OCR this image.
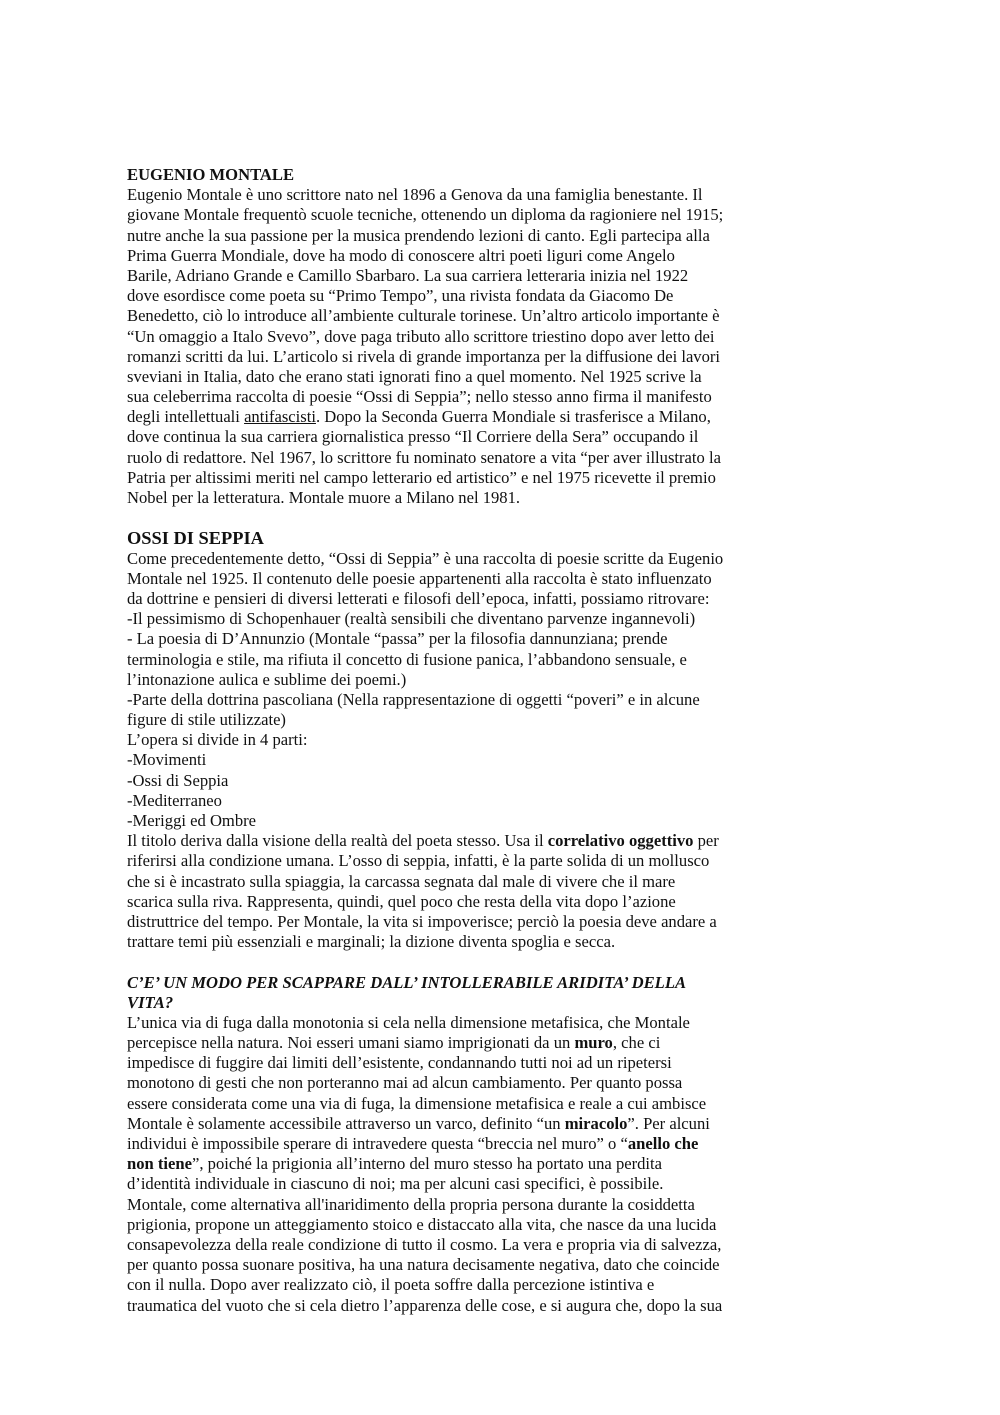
EUGENIO MONTALE
Eugenio Montale è uno scrittore nato nel 1896 a Genova da una famiglia benestante. Il
giovane Montale frequentò scuole tecniche, ottenendo un diploma da ragioniere nel 1915;
nutre anche la sua passione per la musica prendendo lezioni di canto. Egli partecipa alla
Prima Guerra Mondiale, dove ha modo di conoscere altri poeti liguri come Angelo
Barile, Adriano Grande e Camillo Sbarbaro. La sua carriera letteraria inizia nel 1922
dove esordisce come poeta su “Primo Tempo”, una rivista fondata da Giacomo De
Benedetto, ciò lo introduce all’ambiente culturale torinese. Un’altro articolo importante è
“Un omaggio a Italo Svevo”, dove paga tributo allo scrittore triestino dopo aver letto dei
romanzi scritti da lui. L’articolo si rivela di grande importanza per la diffusione dei lavori
sveviani in Italia, dato che erano stati ignorati fino a quel momento. Nel 1925 scrive la
sua celeberrima raccolta di poesie “Ossi di Seppia”; nello stesso anno firma il manifesto
degli intellettuali antifascisti. Dopo la Seconda Guerra Mondiale si trasferisce a Milano,
dove continua la sua carriera giornalistica presso “Il Corriere della Sera” occupando il
ruolo di redattore. Nel 1967, lo scrittore fu nominato senatore a vita “per aver illustrato la
Patria per altissimi meriti nel campo letterario ed artistico” e nel 1975 ricevette il premio
Nobel per la letteratura. Montale muore a Milano nel 1981.
OSSI DI SEPPIA
Come precedentemente detto, “Ossi di Seppia” è una raccolta di poesie scritte da Eugenio
Montale nel 1925. Il contenuto delle poesie appartenenti alla raccolta è stato influenzato
da dottrine e pensieri di diversi letterati e filosofi dell’epoca, infatti, possiamo ritrovare:
-Il pessimismo di Schopenhauer (realtà sensibili che diventano parvenze ingannevoli)
- La poesia di D’Annunzio (Montale “passa” per la filosofia dannunziana; prende
terminologia e stile, ma rifiuta il concetto di fusione panica, l’abbandono sensuale, e
l’intonazione aulica e sublime dei poemi.)
-Parte della dottrina pascoliana (Nella rappresentazione di oggetti “poveri” e in alcune
figure di stile utilizzate)
L’opera si divide in 4 parti:
-Movimenti
-Ossi di Seppia
-Mediterraneo
-Meriggi ed Ombre
Il titolo deriva dalla visione della realtà del poeta stesso. Usa il correlativo oggettivo per
riferirsi alla condizione umana. L’osso di seppia, infatti, è la parte solida di un mollusco
che si è incastrato sulla spiaggia, la carcassa segnata dal male di vivere che il mare
scarica sulla riva. Rappresenta, quindi, quel poco che resta della vita dopo l’azione
distruttrice del tempo. Per Montale, la vita si impoverisce; perciò la poesia deve andare a
trattare temi più essenziali e marginali; la dizione diventa spoglia e secca.
C’E’ UN MODO PER SCAPPARE DALL’ INTOLLERABILE ARIDITA’ DELLA
VITA?
L’unica via di fuga dalla monotonia si cela nella dimensione metafisica, che Montale
percepisce nella natura. Noi esseri umani siamo imprigionati da un muro, che ci
impedisce di fuggire dai limiti dell’esistente, condannando tutti noi ad un ripetersi
monotono di gesti che non porteranno mai ad alcun cambiamento. Per quanto possa
essere considerata come una via di fuga, la dimensione metafisica e reale a cui ambisce
Montale è solamente accessibile attraverso un varco, definito “un miracolo”. Per alcuni
individui è impossibile sperare di intravedere questa “breccia nel muro” o “anello che
non tiene”, poiché la prigionia all’interno del muro stesso ha portato una perdita
d’identità individuale in ciascuno di noi; ma per alcuni casi specifici, è possibile.
Montale, come alternativa all'inaridimento della propria persona durante la cosiddetta
prigionia, propone un atteggiamento stoico e distaccato alla vita, che nasce da una lucida
consapevolezza della reale condizione di tutto il cosmo. La vera e propria via di salvezza,
per quanto possa suonare positiva, ha una natura decisamente negativa, dato che coincide
con il nulla. Dopo aver realizzato ciò, il poeta soffre dalla percezione istintiva e
traumatica del vuoto che si cela dietro l’apparenza delle cose, e si augura che, dopo la sua
